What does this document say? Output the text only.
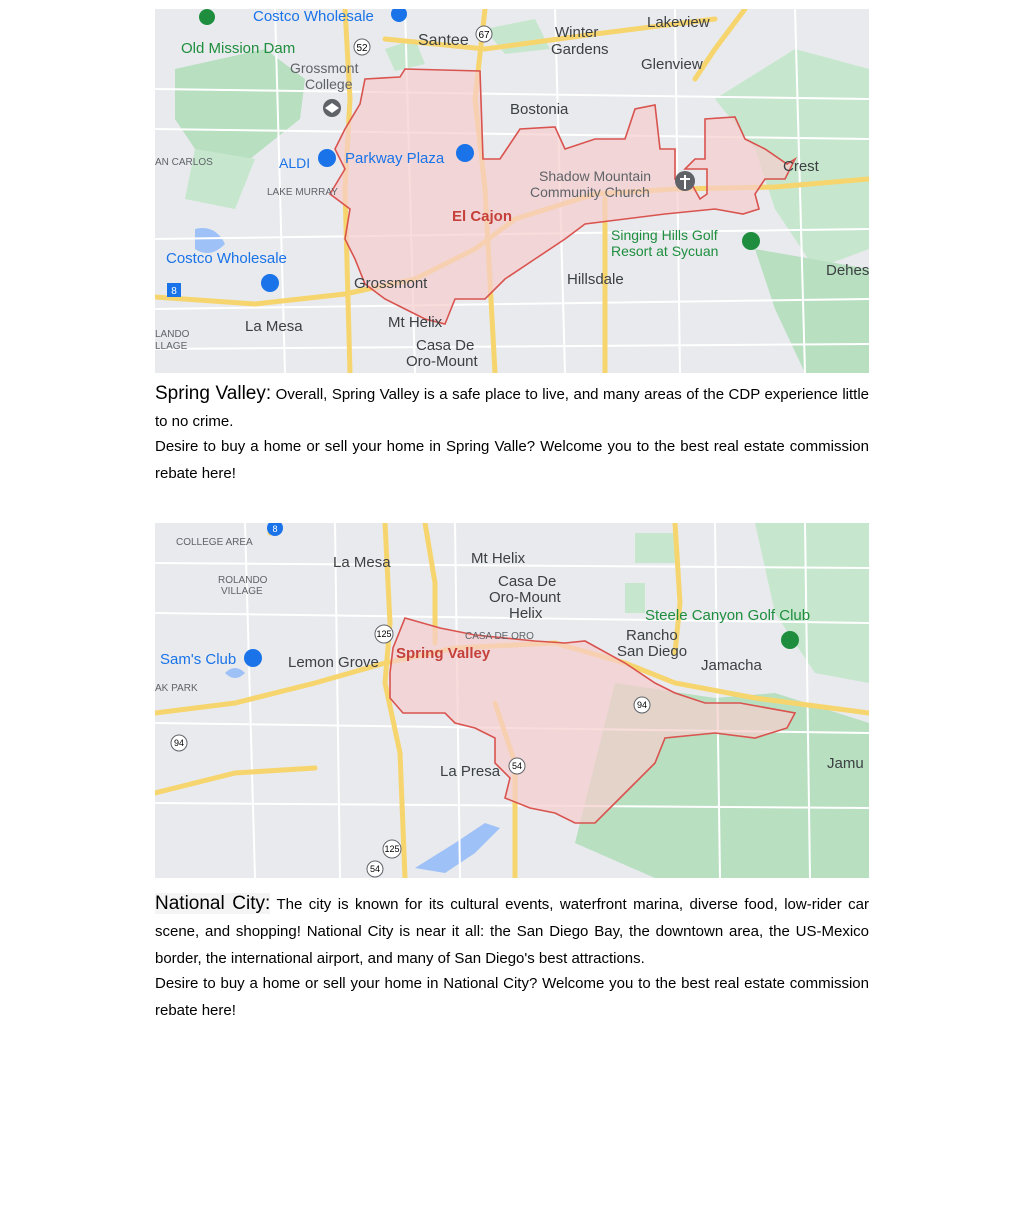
52
67
8
Costco Wholesale
Old Mission Dam	Santee	Winter
Gardens
Lakeview
Glenview
Grossmont
College
Bostonia
AN CARLOS	ALDI Parkway Plaza
Shadow Mountain
Community Church
Crest
LAKE MURRAY
El Cajon
Singing Hills Golf
Resort at Sycuan
Costco Wholesale
Grossmont	Hillsdale
Dehes
La Mesa	Mt Helix
LANDO
LLAGE	Casa De
Oro-Mount

Spring Valley: Overall, Spring Valley is a safe place to live, and many areas of the CDP experience little to no crime.

Desire to buy a home or sell your home in Spring Valle? Welcome you to the best real estate commission rebate here!

8
125
94
94
54
125
54
COLLEGE AREA
La Mesa	Mt Helix
Casa De
Oro-Mount
Helix
ROLANDO
VILLAGE
Steele Canyon Golf Club
Rancho
San Diego
CASA DE ORO
Sam's Club	Lemon Grove
Spring Valley
Jamacha
AK PARK
Jamu
La Presa

National City: The city is known for its cultural events, waterfront marina, diverse food, low-rider car scene, and shopping! National City is near it all: the San Diego Bay, the downtown area, the US-Mexico border, the international airport, and many of San Diego's best attractions.

Desire to buy a home or sell your home in National City? Welcome you to the best real estate commission rebate here!
